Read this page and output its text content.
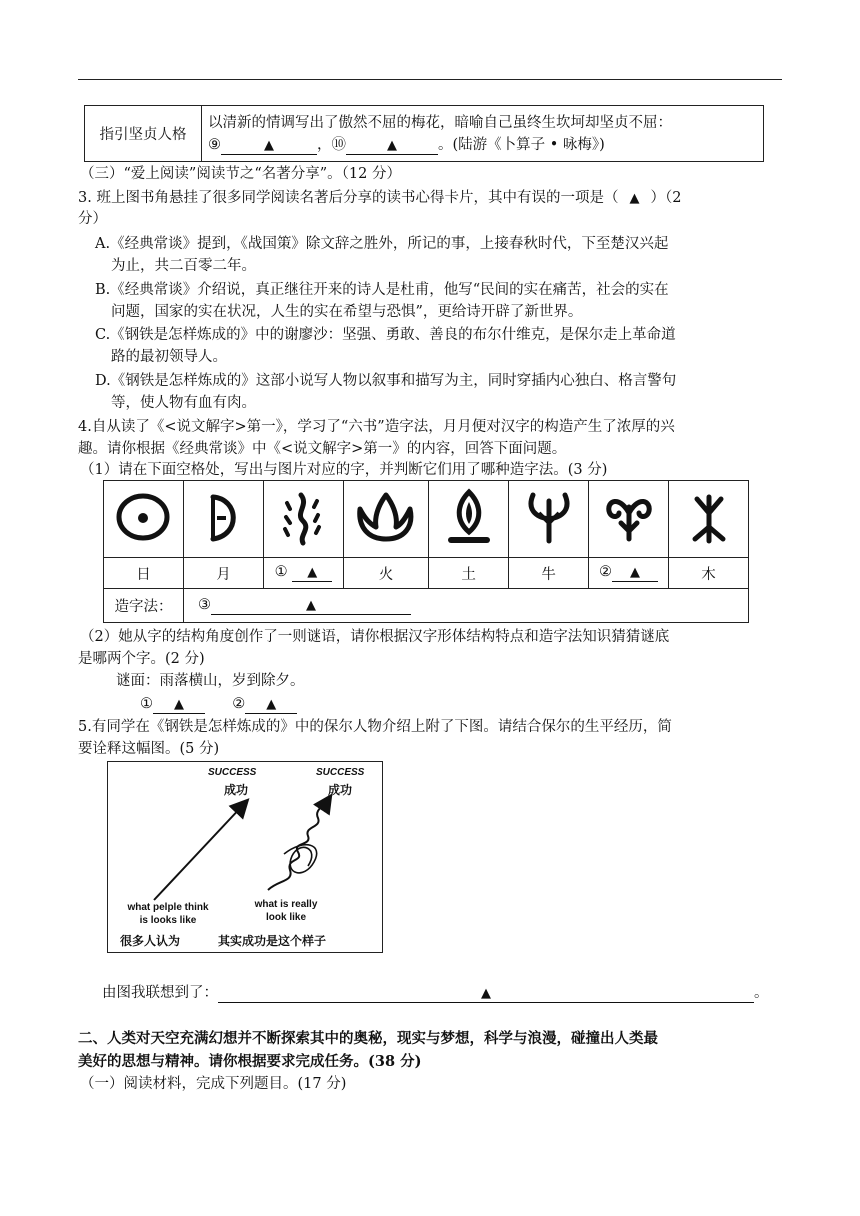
指引坚贞人格	
以清新的情调写出了傲然不屈的梅花，暗喻自己虽终生坎坷却坚贞不屈：
⑨	▲	，⑩	▲	。(陆游《卜算子 • 咏梅》)
（三）“爱上阅读”阅读节之“名著分享”。（12 分）
3. 班上图书角悬挂了很多同学阅读名著后分享的读书心得卡片，其中有误的一项是（ ▲ ）（2
分）
A.《经典常谈》提到，《战国策》除文辞之胜外，所记的事，上接春秋时代，下至楚汉兴起
为止，共二百零二年。
B.《经典常谈》介绍说，真正继往开来的诗人是杜甫，他写“民间的实在痛苦，社会的实在
问题，国家的实在状况，人生的实在希望与恐惧”，更给诗开辟了新世界。
C.《钢铁是怎样炼成的》中的谢廖沙：坚强、勇敢、善良的布尔什维克，是保尔走上革命道
路的最初领导人。
D.《钢铁是怎样炼成的》这部小说写人物以叙事和描写为主，同时穿插内心独白、格言警句
等，使人物有血有肉。
4.自从读了《<说文解字>第一》，学习了“六书”造字法，月月便对汉字的构造产生了浓厚的兴
趣。请你根据《经典常谈》中《<说文解字>第一》的内容，回答下面问题。
（1）请在下面空格处，写出与图片对应的字，并判断它们用了哪种造字法。(3 分)

日	月	① ▲	火	土	牛	② ▲	木
造字法：	③ ▲						
（2）她从字的结构角度创作了一则谜语，请你根据汉字形体结构特点和造字法知识猜猜谜底
是哪两个字。(2 分)
谜面：雨落横山，岁到除夕。
① ▲	② ▲
5.有同学在《钢铁是怎样炼成的》中的保尔人物介绍上附了下图。请结合保尔的生平经历，简
要诠释这幅图。(5 分)
SUCCESS
成功
SUCCESS
成功
what pelple think
is looks like
what is really
look like
很多人认为	其实成功是这个样子
由图我联想到了：	▲	。
二、人类对天空充满幻想并不断探索其中的奥秘，现实与梦想，科学与浪漫，碰撞出人类最
美好的思想与精神。请你根据要求完成任务。(38 分)
（一）阅读材料，完成下列题目。(17 分)
